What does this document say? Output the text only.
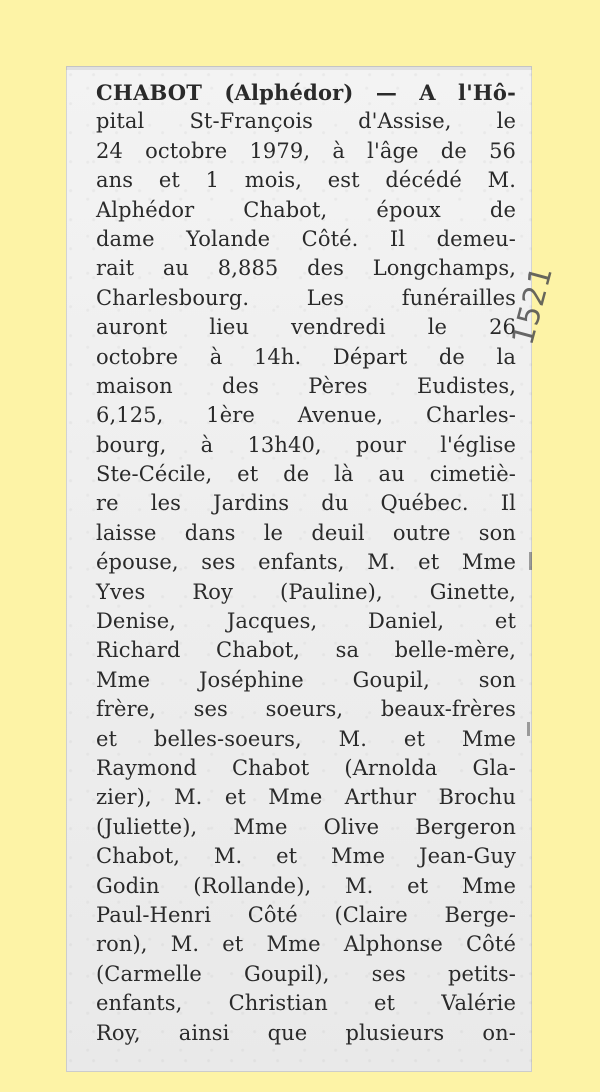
CHABOT (Alphédor) — A l'Hô-
pital St-François d'Assise, le
24 octobre 1979, à l'âge de 56
ans et 1 mois, est décédé M.
Alphédor Chabot, époux de
dame Yolande Côté. Il demeu-
rait au 8,885 des Longchamps,
Charlesbourg. Les funérailles
auront lieu vendredi le 26
octobre à 14h. Départ de la
maison des Pères Eudistes,
6,125, 1ère Avenue, Charles-
bourg, à 13h40, pour l'église
Ste-Cécile, et de là au cimetiè-
re les Jardins du Québec. Il
laisse dans le deuil outre son
épouse, ses enfants, M. et Mme
Yves Roy (Pauline), Ginette,
Denise, Jacques, Daniel, et
Richard Chabot, sa belle-mère,
Mme Joséphine Goupil, son
frère, ses soeurs, beaux-frères
et belles-soeurs, M. et Mme
Raymond Chabot (Arnolda Gla-
zier), M. et Mme Arthur Brochu
(Juliette), Mme Olive Bergeron
Chabot, M. et Mme Jean-Guy
Godin (Rollande), M. et Mme
Paul-Henri Côté (Claire Berge-
ron), M. et Mme Alphonse Côté
(Carmelle Goupil), ses petits-
enfants, Christian et Valérie
Roy, ainsi que plusieurs on-
1521
